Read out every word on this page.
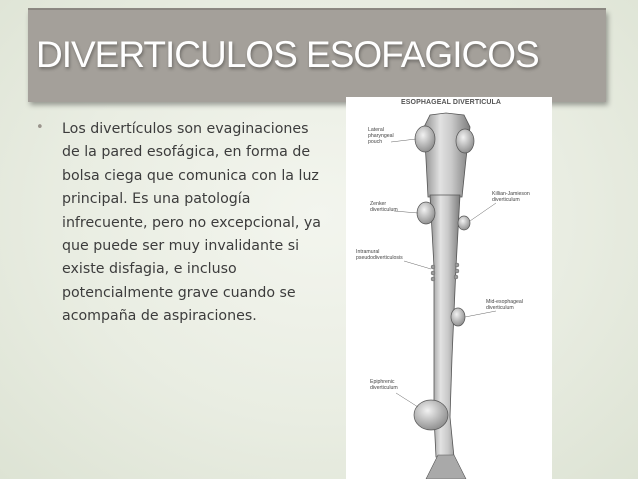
DIVERTICULOS ESOFAGICOS
• Los divertículos son evaginaciones de la pared esofágica, en forma de bolsa ciega que comunica con la luz principal. Es una patología infrecuente, pero no excepcional, ya que puede ser muy invalidante si existe disfagia, e incluso potencialmente grave cuando se acompaña de aspiraciones.

ESOPHAGEAL DIVERTICULA
Lateral
pharyngeal
pouch
Zenker
diverticulum
Killian-Jamieson
diverticulum
Intramural
pseudodiverticulosis
Mid-esophageal
diverticulum
Epiphrenic
diverticulum
